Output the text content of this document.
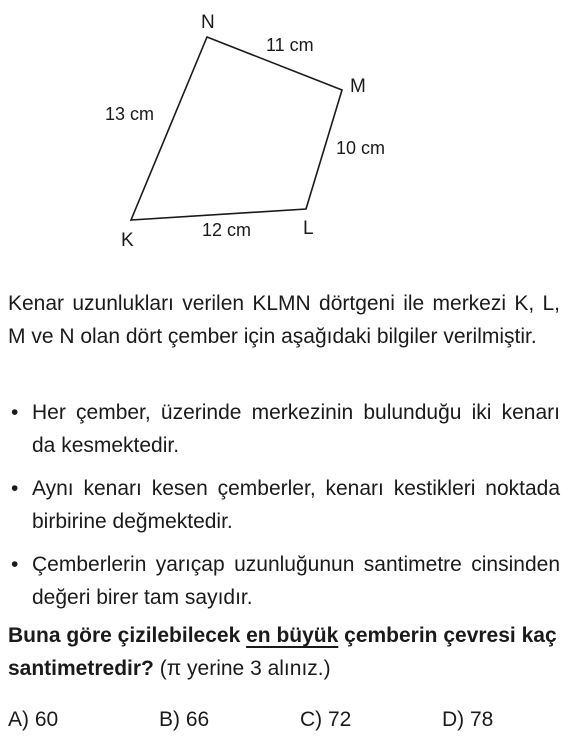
N
M
L
K
11 cm
10 cm
12 cm
13 cm

Kenar uzunlukları verilen KLMN dörtgeni ile merkezi K, L, M ve N olan dört çember için aşağıdaki bilgiler verilmiştir.

• Her çember, üzerinde merkezinin bulunduğu iki kenarı da kesmektedir.
• Aynı kenarı kesen çemberler, kenarı kestikleri noktada birbirine değmektedir.
• Çemberlerin yarıçap uzunluğunun santimetre cinsinden değeri birer tam sayıdır.

Buna göre çizilebilecek en büyük çemberin çevresi kaç santimetredir? (π yerine 3 alınız.)

A) 60	B) 66	C) 72	D) 78
